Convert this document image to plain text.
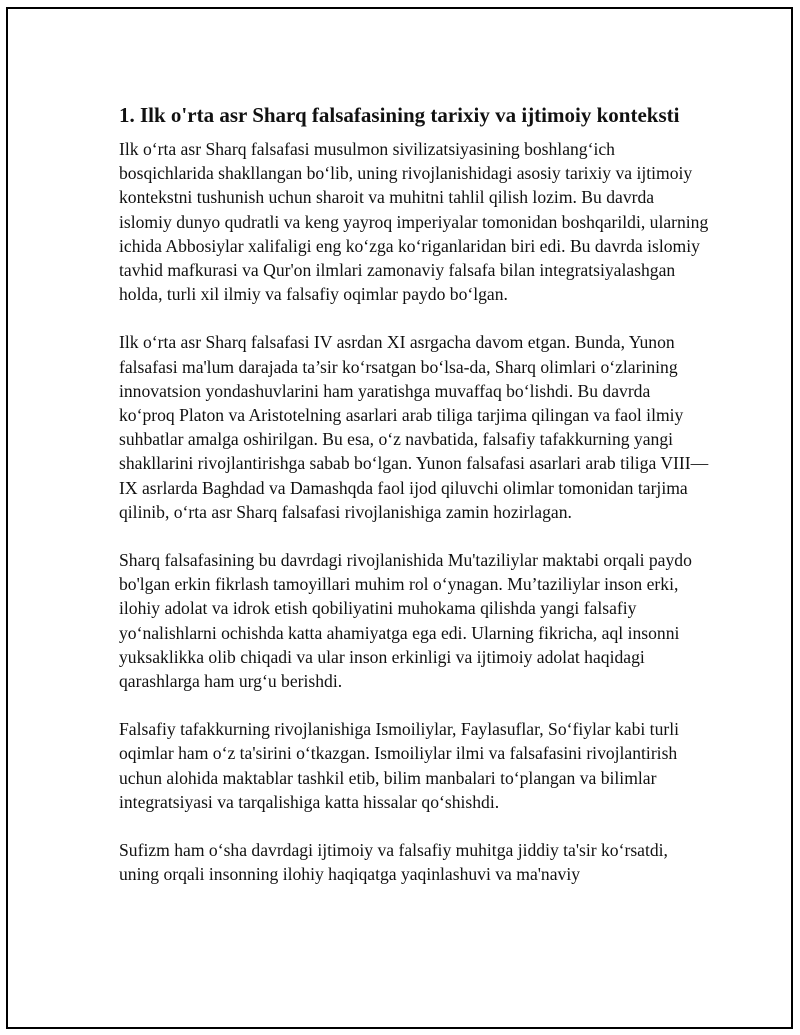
1. Ilk o'rta asr Sharq falsafasining tarixiy va ijtimoiy konteksti

Ilk o‘rta asr Sharq falsafasi musulmon sivilizatsiyasining boshlang‘ich bosqichlarida shakllangan bo‘lib, uning rivojlanishidagi asosiy tarixiy va ijtimoiy kontekstni tushunish uchun sharoit va muhitni tahlil qilish lozim. Bu davrda islomiy dunyo qudratli va keng yayroq imperiyalar tomonidan boshqarildi, ularning ichida Abbosiylar xalifaligi eng ko‘zga ko‘riganlaridan biri edi. Bu davrda islomiy tavhid mafkurasi va Qur'on ilmlari zamonaviy falsafa bilan integratsiyalashgan holda, turli xil ilmiy va falsafiy oqimlar paydo bo‘lgan.

Ilk o‘rta asr Sharq falsafasi IV asrdan XI asrgacha davom etgan. Bunda, Yunon falsafasi ma'lum darajada ta’sir ko‘rsatgan bo‘lsa-da, Sharq olimlari o‘zlarining innovatsion yondashuvlarini ham yaratishga muvaffaq bo‘lishdi. Bu davrda ko‘proq Platon va Aristotelning asarlari arab tiliga tarjima qilingan va faol ilmiy suhbatlar amalga oshirilgan. Bu esa, o‘z navbatida, falsafiy tafakkurning yangi shakllarini rivojlantirishga sabab bo‘lgan. Yunon falsafasi asarlari arab tiliga VIII—IX asrlarda Baghdad va Damashqda faol ijod qiluvchi olimlar tomonidan tarjima qilinib, o‘rta asr Sharq falsafasi rivojlanishiga zamin hozirlagan.

Sharq falsafasining bu davrdagi rivojlanishida Mu'taziliylar maktabi orqali paydo bo'lgan erkin fikrlash tamoyillari muhim rol o‘ynagan. Mu’taziliylar inson erki, ilohiy adolat va idrok etish qobiliyatini muhokama qilishda yangi falsafiy yo‘nalishlarni ochishda katta ahamiyatga ega edi. Ularning fikricha, aql insonni yuksaklikka olib chiqadi va ular inson erkinligi va ijtimoiy adolat haqidagi qarashlarga ham urg‘u berishdi.

Falsafiy tafakkurning rivojlanishiga Ismoiliylar, Faylasuflar, So‘fiylar kabi turli oqimlar ham o‘z ta'sirini o‘tkazgan. Ismoiliylar ilmi va falsafasini rivojlantirish uchun alohida maktablar tashkil etib, bilim manbalari to‘plangan va bilimlar integratsiyasi va tarqalishiga katta hissalar qo‘shishdi.

Sufizm ham o‘sha davrdagi ijtimoiy va falsafiy muhitga jiddiy ta'sir ko‘rsatdi, uning orqali insonning ilohiy haqiqatga yaqinlashuvi va ma'naviy
